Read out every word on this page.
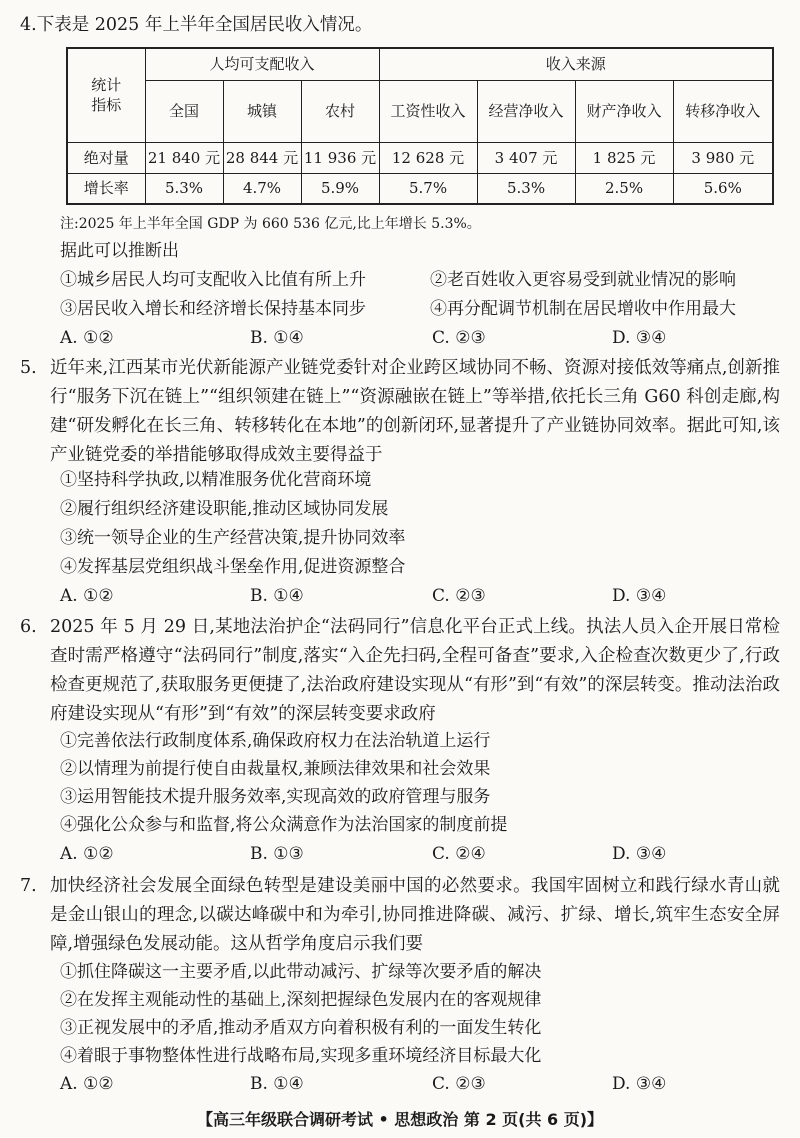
4.下表是 2025 年上半年全国居民收入情况。
统计
指标	人均可支配收入			收入来源			
	全国	城镇	农村	工资性收入	经营净收入	财产净收入	转移净收入
绝对量	21 840 元	28 844 元	11 936 元	12 628 元	3 407 元	1 825 元	3 980 元
增长率	5.3%	4.7%	5.9%	5.7%	5.3%	2.5%	5.6%
注:2025 年上半年全国 GDP 为 660 536 亿元,比上年增长 5.3%。
据此可以推断出
①城乡居民人均可支配收入比值有所上升	②老百姓收入更容易受到就业情况的影响
③居民收入增长和经济增长保持基本同步	④再分配调节机制在居民增收中作用最大
A. ①②	B. ①④	C. ②③	D. ③④
5. 近年来,江西某市光伏新能源产业链党委针对企业跨区域协同不畅、资源对接低效等痛点,创新推行“服务下沉在链上”“组织领建在链上”“资源融嵌在链上”等举措,依托长三角 G60 科创走廊,构建“研发孵化在长三角、转移转化在本地”的创新闭环,显著提升了产业链协同效率。据此可知,该产业链党委的举措能够取得成效主要得益于
①坚持科学执政,以精准服务优化营商环境
②履行组织经济建设职能,推动区域协同发展
③统一领导企业的生产经营决策,提升协同效率
④发挥基层党组织战斗堡垒作用,促进资源整合
A. ①②	B. ①④	C. ②③	D. ③④
6. 2025 年 5 月 29 日,某地法治护企“法码同行”信息化平台正式上线。执法人员入企开展日常检查时需严格遵守“法码同行”制度,落实“入企先扫码,全程可备查”要求,入企检查次数更少了,行政检查更规范了,获取服务更便捷了,法治政府建设实现从“有形”到“有效”的深层转变。推动法治政府建设实现从“有形”到“有效”的深层转变要求政府
①完善依法行政制度体系,确保政府权力在法治轨道上运行
②以情理为前提行使自由裁量权,兼顾法律效果和社会效果
③运用智能技术提升服务效率,实现高效的政府管理与服务
④强化公众参与和监督,将公众满意作为法治国家的制度前提
A. ①②	B. ①③	C. ②④	D. ③④
7. 加快经济社会发展全面绿色转型是建设美丽中国的必然要求。我国牢固树立和践行绿水青山就是金山银山的理念,以碳达峰碳中和为牵引,协同推进降碳、减污、扩绿、增长,筑牢生态安全屏障,增强绿色发展动能。这从哲学角度启示我们要
①抓住降碳这一主要矛盾,以此带动减污、扩绿等次要矛盾的解决
②在发挥主观能动性的基础上,深刻把握绿色发展内在的客观规律
③正视发展中的矛盾,推动矛盾双方向着积极有利的一面发生转化
④着眼于事物整体性进行战略布局,实现多重环境经济目标最大化
A. ①②	B. ①④	C. ②③	D. ③④
【高三年级联合调研考试 • 思想政治 第 2 页(共 6 页)】
